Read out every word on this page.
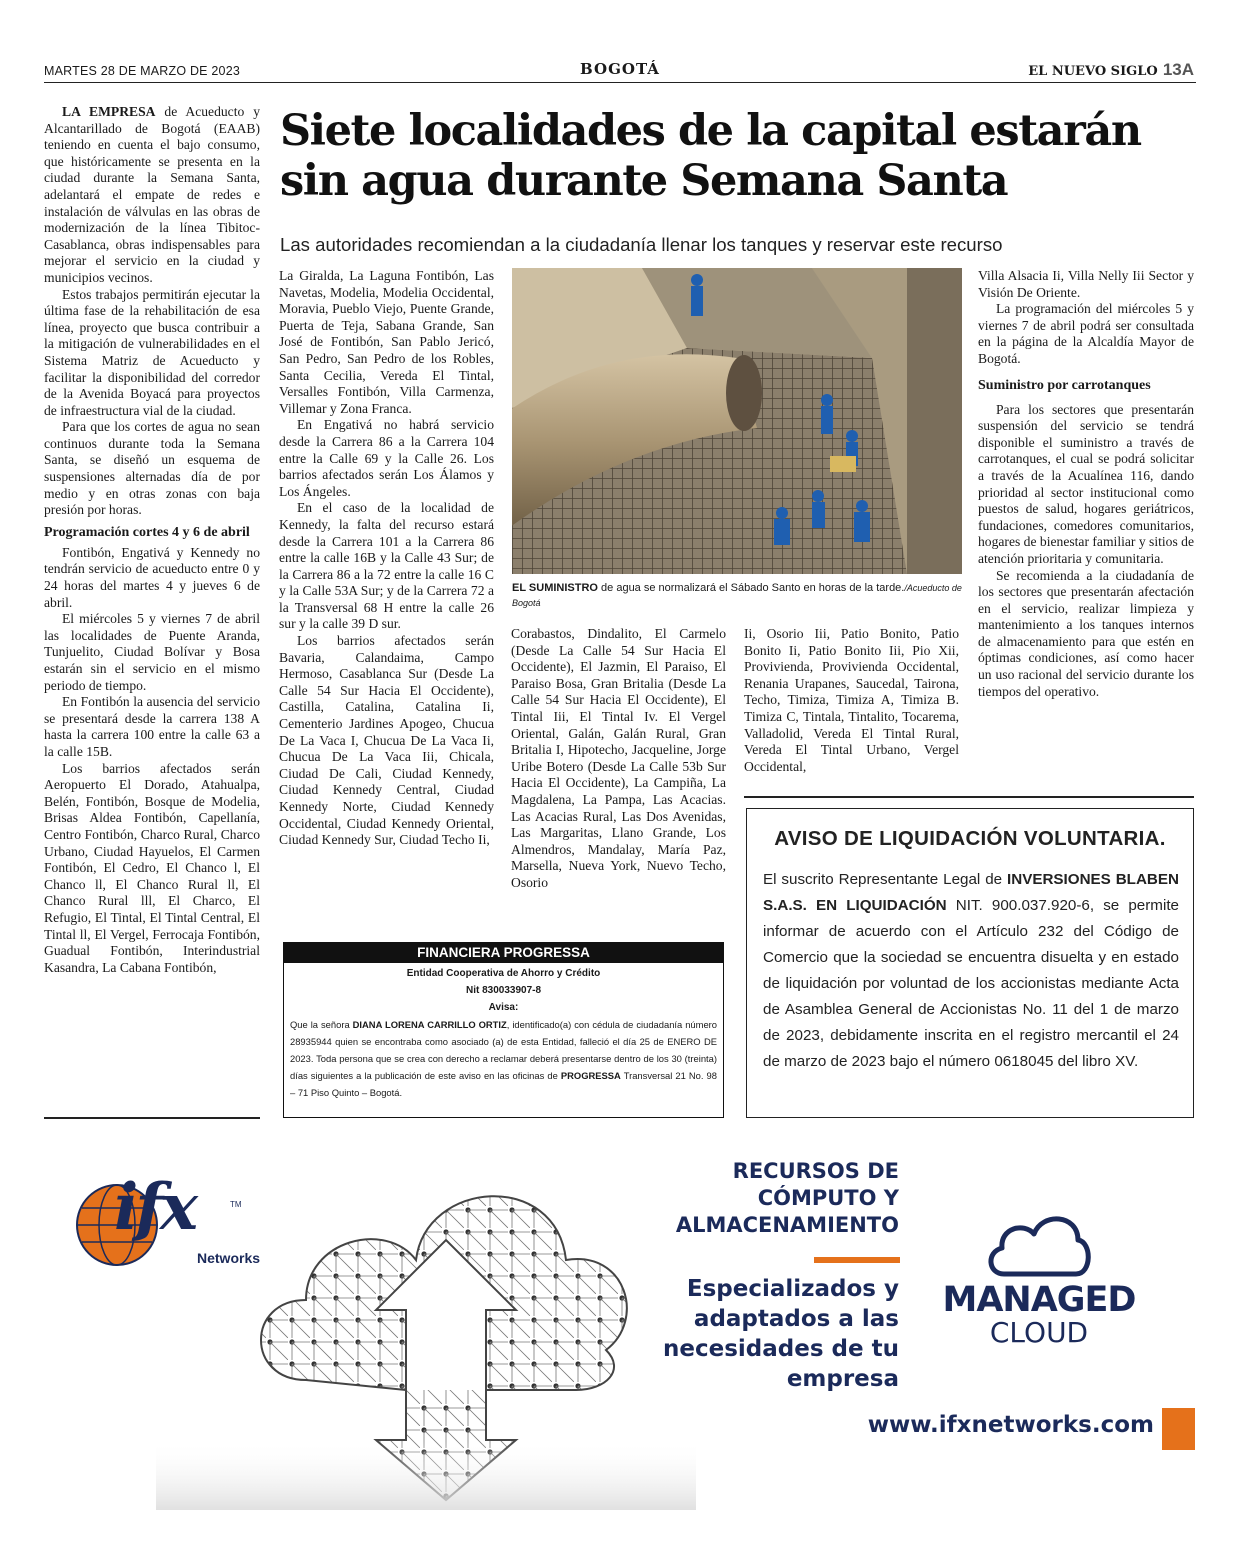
MARTES 28 DE MARZO DE 2023	BOGOTÁ	EL NUEVO SIGLO 13A
Siete localidades de la capital estarán
sin agua durante Semana Santa
Las autoridades recomiendan a la ciudadanía llenar los tanques y reservar este recurso

LA EMPRESA de Acueducto y Alcantarillado de Bogotá (EAAB) teniendo en cuenta el bajo consumo, que históricamente se presenta en la ciudad durante la Semana Santa, adelantará el empate de redes e instalación de válvulas en las obras de modernización de la línea Tibitoc-Casablanca, obras indispensables para mejorar el servicio en la ciudad y municipios vecinos.

Estos trabajos permitirán ejecutar la última fase de la rehabilitación de esa línea, proyecto que busca contribuir a la mitigación de vulnerabilidades en el Sistema Matriz de Acueducto y facilitar la disponibilidad del corredor de la Avenida Boyacá para proyectos de infraestructura vial de la ciudad.

Para que los cortes de agua no sean continuos durante toda la Semana Santa, se diseñó un esquema de suspensiones alternadas día de por medio y en otras zonas con baja presión por horas.

Programación cortes 4 y 6 de abril

Fontibón, Engativá y Kennedy no tendrán servicio de acueducto entre 0 y 24 horas del martes 4 y jueves 6 de abril.

El miércoles 5 y viernes 7 de abril las localidades de Puente Aranda, Tunjuelito, Ciudad Bolívar y Bosa estarán sin el servicio en el mismo periodo de tiempo.

En Fontibón la ausencia del servicio se presentará desde la carrera 138 A hasta la carrera 100 entre la calle 63 a la calle 15B.

Los barrios afectados serán Aeropuerto El Dorado, Atahualpa, Belén, Fontibón, Bosque de Modelia, Brisas Aldea Fontibón, Capellanía, Centro Fontibón, Charco Rural, Charco Urbano, Ciudad Hayuelos, El Carmen Fontibón, El Cedro, El Chanco l, El Chanco ll, El Chanco Rural ll, El Chanco Rural lll, El Charco, El Refugio, El Tintal, El Tintal Central, El Tintal ll, El Vergel, Ferrocaja Fontibón, Guadual Fontibón, Interindustrial Kasandra, La Cabana Fontibón,

La Giralda, La Laguna Fontibón, Las Navetas, Modelia, Modelia Occidental, Moravia, Pueblo Viejo, Puente Grande, Puerta de Teja, Sabana Grande, San José de Fontibón, San Pablo Jericó, San Pedro, San Pedro de los Robles, Santa Cecilia, Vereda El Tintal, Versalles Fontibón, Villa Carmenza, Villemar y Zona Franca.

En Engativá no habrá servicio desde la Carrera 86 a la Carrera 104 entre la Calle 69 y la Calle 26. Los barrios afectados serán Los Álamos y Los Ángeles.

En el caso de la localidad de Kennedy, la falta del recurso estará desde la Carrera 101 a la Carrera 86 entre la calle 16B y la Calle 43 Sur; de la Carrera 86 a la 72 entre la calle 16 C y la Calle 53A Sur; y de la Carrera 72 a la Transversal 68 H entre la calle 26 sur y la calle 39 D sur.

Los barrios afectados serán Bavaria, Calandaima, Campo Hermoso, Casablanca Sur (Desde La Calle 54 Sur Hacia El Occidente), Castilla, Catalina, Catalina Ii, Cementerio Jardines Apogeo, Chucua De La Vaca I, Chucua De La Vaca Ii, Chucua De La Vaca Iii, Chicala, Ciudad De Cali, Ciudad Kennedy, Ciudad Kennedy Central, Ciudad Kennedy Norte, Ciudad Kennedy Occidental, Ciudad Kennedy Oriental, Ciudad Kennedy Sur, Ciudad Techo Ii,

EL SUMINISTRO de agua se normalizará el Sábado Santo en horas de la tarde./Acueducto de Bogotá

Corabastos, Dindalito, El Carmelo (Desde La Calle 54 Sur Hacia El Occidente), El Jazmin, El Paraiso, El Paraiso Bosa, Gran Britalia (Desde La Calle 54 Sur Hacia El Occidente), El Tintal Iii, El Tintal Iv. El Vergel Oriental, Galán, Galán Rural, Gran Britalia I, Hipotecho, Jacqueline, Jorge Uribe Botero (Desde La Calle 53b Sur Hacia El Occidente), La Campiña, La Magdalena, La Pampa, Las Acacias. Las Acacias Rural, Las Dos Avenidas, Las Margaritas, Llano Grande, Los Almendros, Mandalay, María Paz, Marsella, Nueva York, Nuevo Techo, Osorio

Ii, Osorio Iii, Patio Bonito, Patio Bonito Ii, Patio Bonito Iii, Pio Xii, Provivienda, Provivienda Occidental, Renania Urapanes, Saucedal, Tairona, Techo, Timiza, Timiza A, Timiza B. Timiza C, Tintala, Tintalito, Tocarema, Valladolid, Vereda El Tintal Rural, Vereda El Tintal Urbano, Vergel Occidental,

Villa Alsacia Ii, Villa Nelly Iii Sector y Visión De Oriente.

La programación del miércoles 5 y viernes 7 de abril podrá ser consultada en la página de la Alcaldía Mayor de Bogotá.

Suministro por carrotanques

Para los sectores que presentarán suspensión del servicio se tendrá disponible el suministro a través de carrotanques, el cual se podrá solicitar a través de la Acualínea 116, dando prioridad al sector institucional como puestos de salud, hogares geriátricos, fundaciones, comedores comunitarios, hogares de bienestar familiar y sitios de atención prioritaria y comunitaria.

Se recomienda a la ciudadanía de los sectores que presentarán afectación en el servicio, realizar limpieza y mantenimiento a los tanques internos de almacenamiento para que estén en óptimas condiciones, así como hacer un uso racional del servicio durante los tiempos del operativo.

FINANCIERA PROGRESSA
Entidad Cooperativa de Ahorro y Crédito
Nit 830033907-8
Avisa:
Que la señora DIANA LORENA CARRILLO ORTIZ, identificado(a) con cédula de ciudadanía número 28935944 quien se encontraba como asociado (a) de esta Entidad, falleció el día 25 de ENERO DE 2023. Toda persona que se crea con derecho a reclamar deberá presentarse dentro de los 30 (treinta) días siguientes a la publicación de este aviso en las oficinas de PROGRESSA Transversal 21 No. 98 – 71 Piso Quinto – Bogotá.
AVISO DE LIQUIDACIÓN VOLUNTARIA.
El suscrito Representante Legal de INVERSIONES BLABEN S.A.S. EN LIQUIDACIÓN NIT. 900.037.920-6, se permite informar de acuerdo con el Artículo 232 del Código de Comercio que la sociedad se encuentra disuelta y en estado de liquidación por voluntad de los accionistas mediante Acta de Asamblea General de Accionistas No. 11 del 1 de marzo de 2023, debidamente inscrita en el registro mercantil el 24 de marzo de 2023 bajo el número 0618045 del libro XV.
ifx	TM
Networks
RECURSOS DE
CÓMPUTO Y
ALMACENAMIENTO
Especializados y
adaptados a las
necesidades de tu
empresa
MANAGED
CLOUD
www.ifxnetworks.com
